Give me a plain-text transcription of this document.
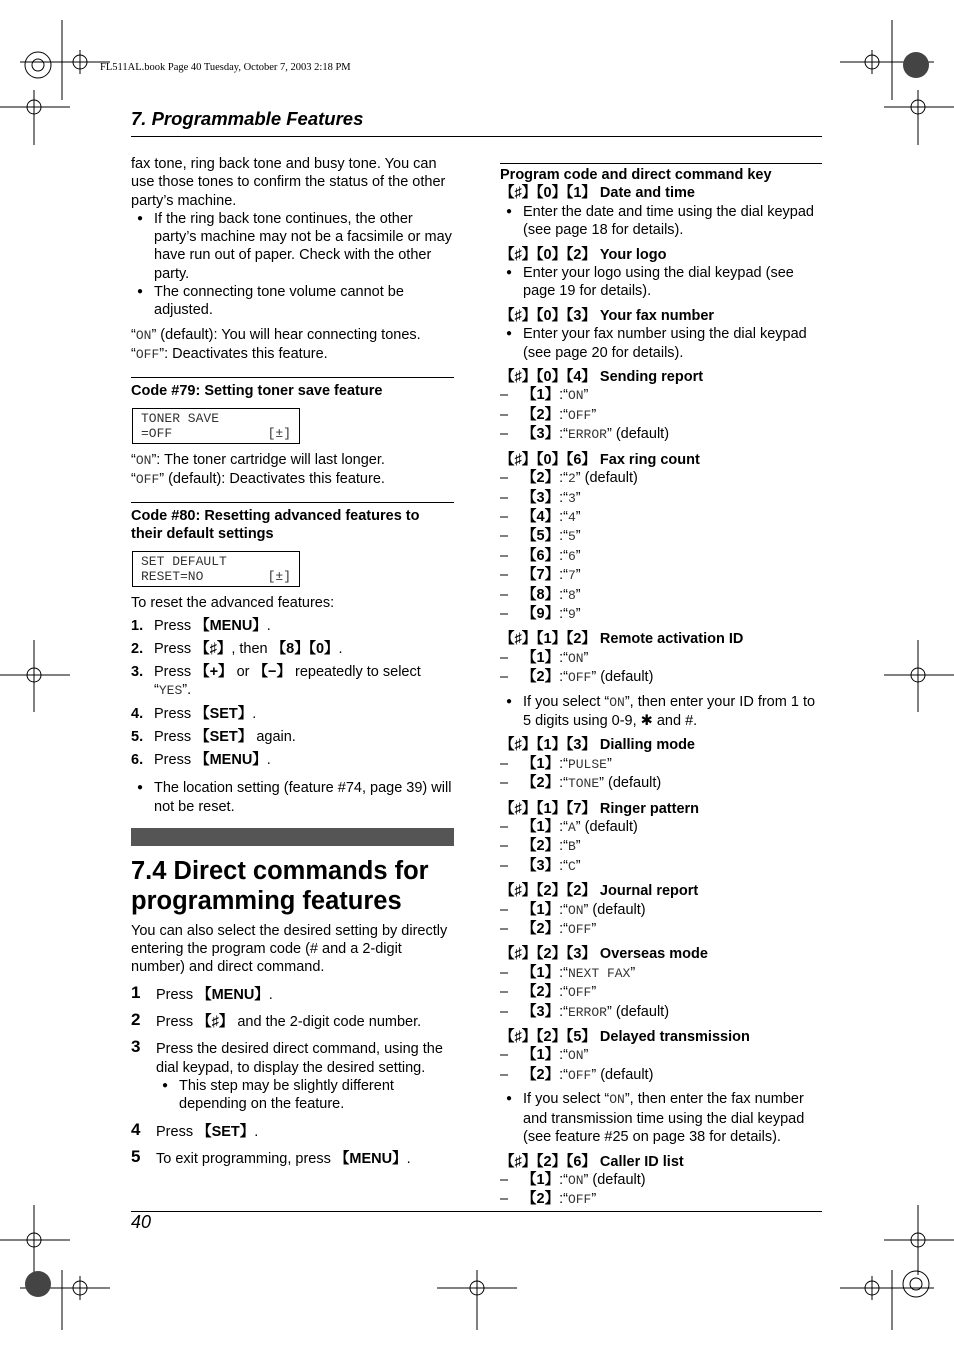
FL511AL.book Page 40 Tuesday, October 7, 2003 2:18 PM
7. Programmable Features

fax tone, ring back tone and busy tone. You can use those tones to confirm the status of the other party’s machine.

● If the ring back tone continues, the other party’s machine may not be a facsimile or may have run out of paper. Check with the other party.

● The connecting tone volume cannot be adjusted.

“ON” (default): You will hear connecting tones.

“OFF”: Deactivates this feature.

Code #79: Setting toner save feature

TONER SAVE
=OFF	[±]

“ON”: The toner cartridge will last longer.

“OFF” (default): Deactivates this feature.

Code #80: Resetting advanced features to their default settings

SET DEFAULT
RESET=NO	[±]

To reset the advanced features:

1. Press 【MENU】.
2. Press 【♯】, then 【8】【0】.
3. Press 【+】 or 【−】 repeatedly to select “YES”.
4. Press 【SET】.
5. Press 【SET】 again.
6. Press 【MENU】.

● The location setting (feature #74, page 39) will not be reset.

7.4 Direct commands for programming features

You can also select the desired setting by directly entering the program code (# and a 2-digit number) and direct command.

1 Press 【MENU】.
2 Press 【♯】 and the 2-digit code number.
3 Press the desired direct command, using the dial keypad, to display the desired setting.

● This step may be slightly different depending on the feature.

4 Press 【SET】.
5 To exit programming, press 【MENU】.

Program code and direct command key

【♯】【0】【1】 Date and time

● Enter the date and time using the dial keypad (see page 18 for details).

【♯】【0】【2】 Your logo

● Enter your logo using the dial keypad (see page 19 for details).

【♯】【0】【3】 Your fax number

● Enter your fax number using the dial keypad (see page 20 for details).

【♯】【0】【4】 Sending report

– 【1】:“ON”

– 【2】:“OFF”

– 【3】:“ERROR” (default)

【♯】【0】【6】 Fax ring count

– 【2】:“2” (default)

– 【3】:“3”

– 【4】:“4”

– 【5】:“5”

– 【6】:“6”

– 【7】:“7”

– 【8】:“8”

– 【9】:“9”

【♯】【1】【2】 Remote activation ID

– 【1】:“ON”

– 【2】:“OFF” (default)

● If you select “ON”, then enter your ID from 1 to 5 digits using 0-9, ✱ and #.

【♯】【1】【3】 Dialling mode

– 【1】:“PULSE”

– 【2】:“TONE” (default)

【♯】【1】【7】 Ringer pattern

– 【1】:“A” (default)

– 【2】:“B”

– 【3】:“C”

【♯】【2】【2】 Journal report

– 【1】:“ON” (default)

– 【2】:“OFF”

【♯】【2】【3】 Overseas mode

– 【1】:“NEXT FAX”

– 【2】:“OFF”

– 【3】:“ERROR” (default)

【♯】【2】【5】 Delayed transmission

– 【1】:“ON”

– 【2】:“OFF” (default)

● If you select “ON”, then enter the fax number and transmission time using the dial keypad (see feature #25 on page 38 for details).

【♯】【2】【6】 Caller ID list

– 【1】:“ON” (default)

– 【2】:“OFF”

40
